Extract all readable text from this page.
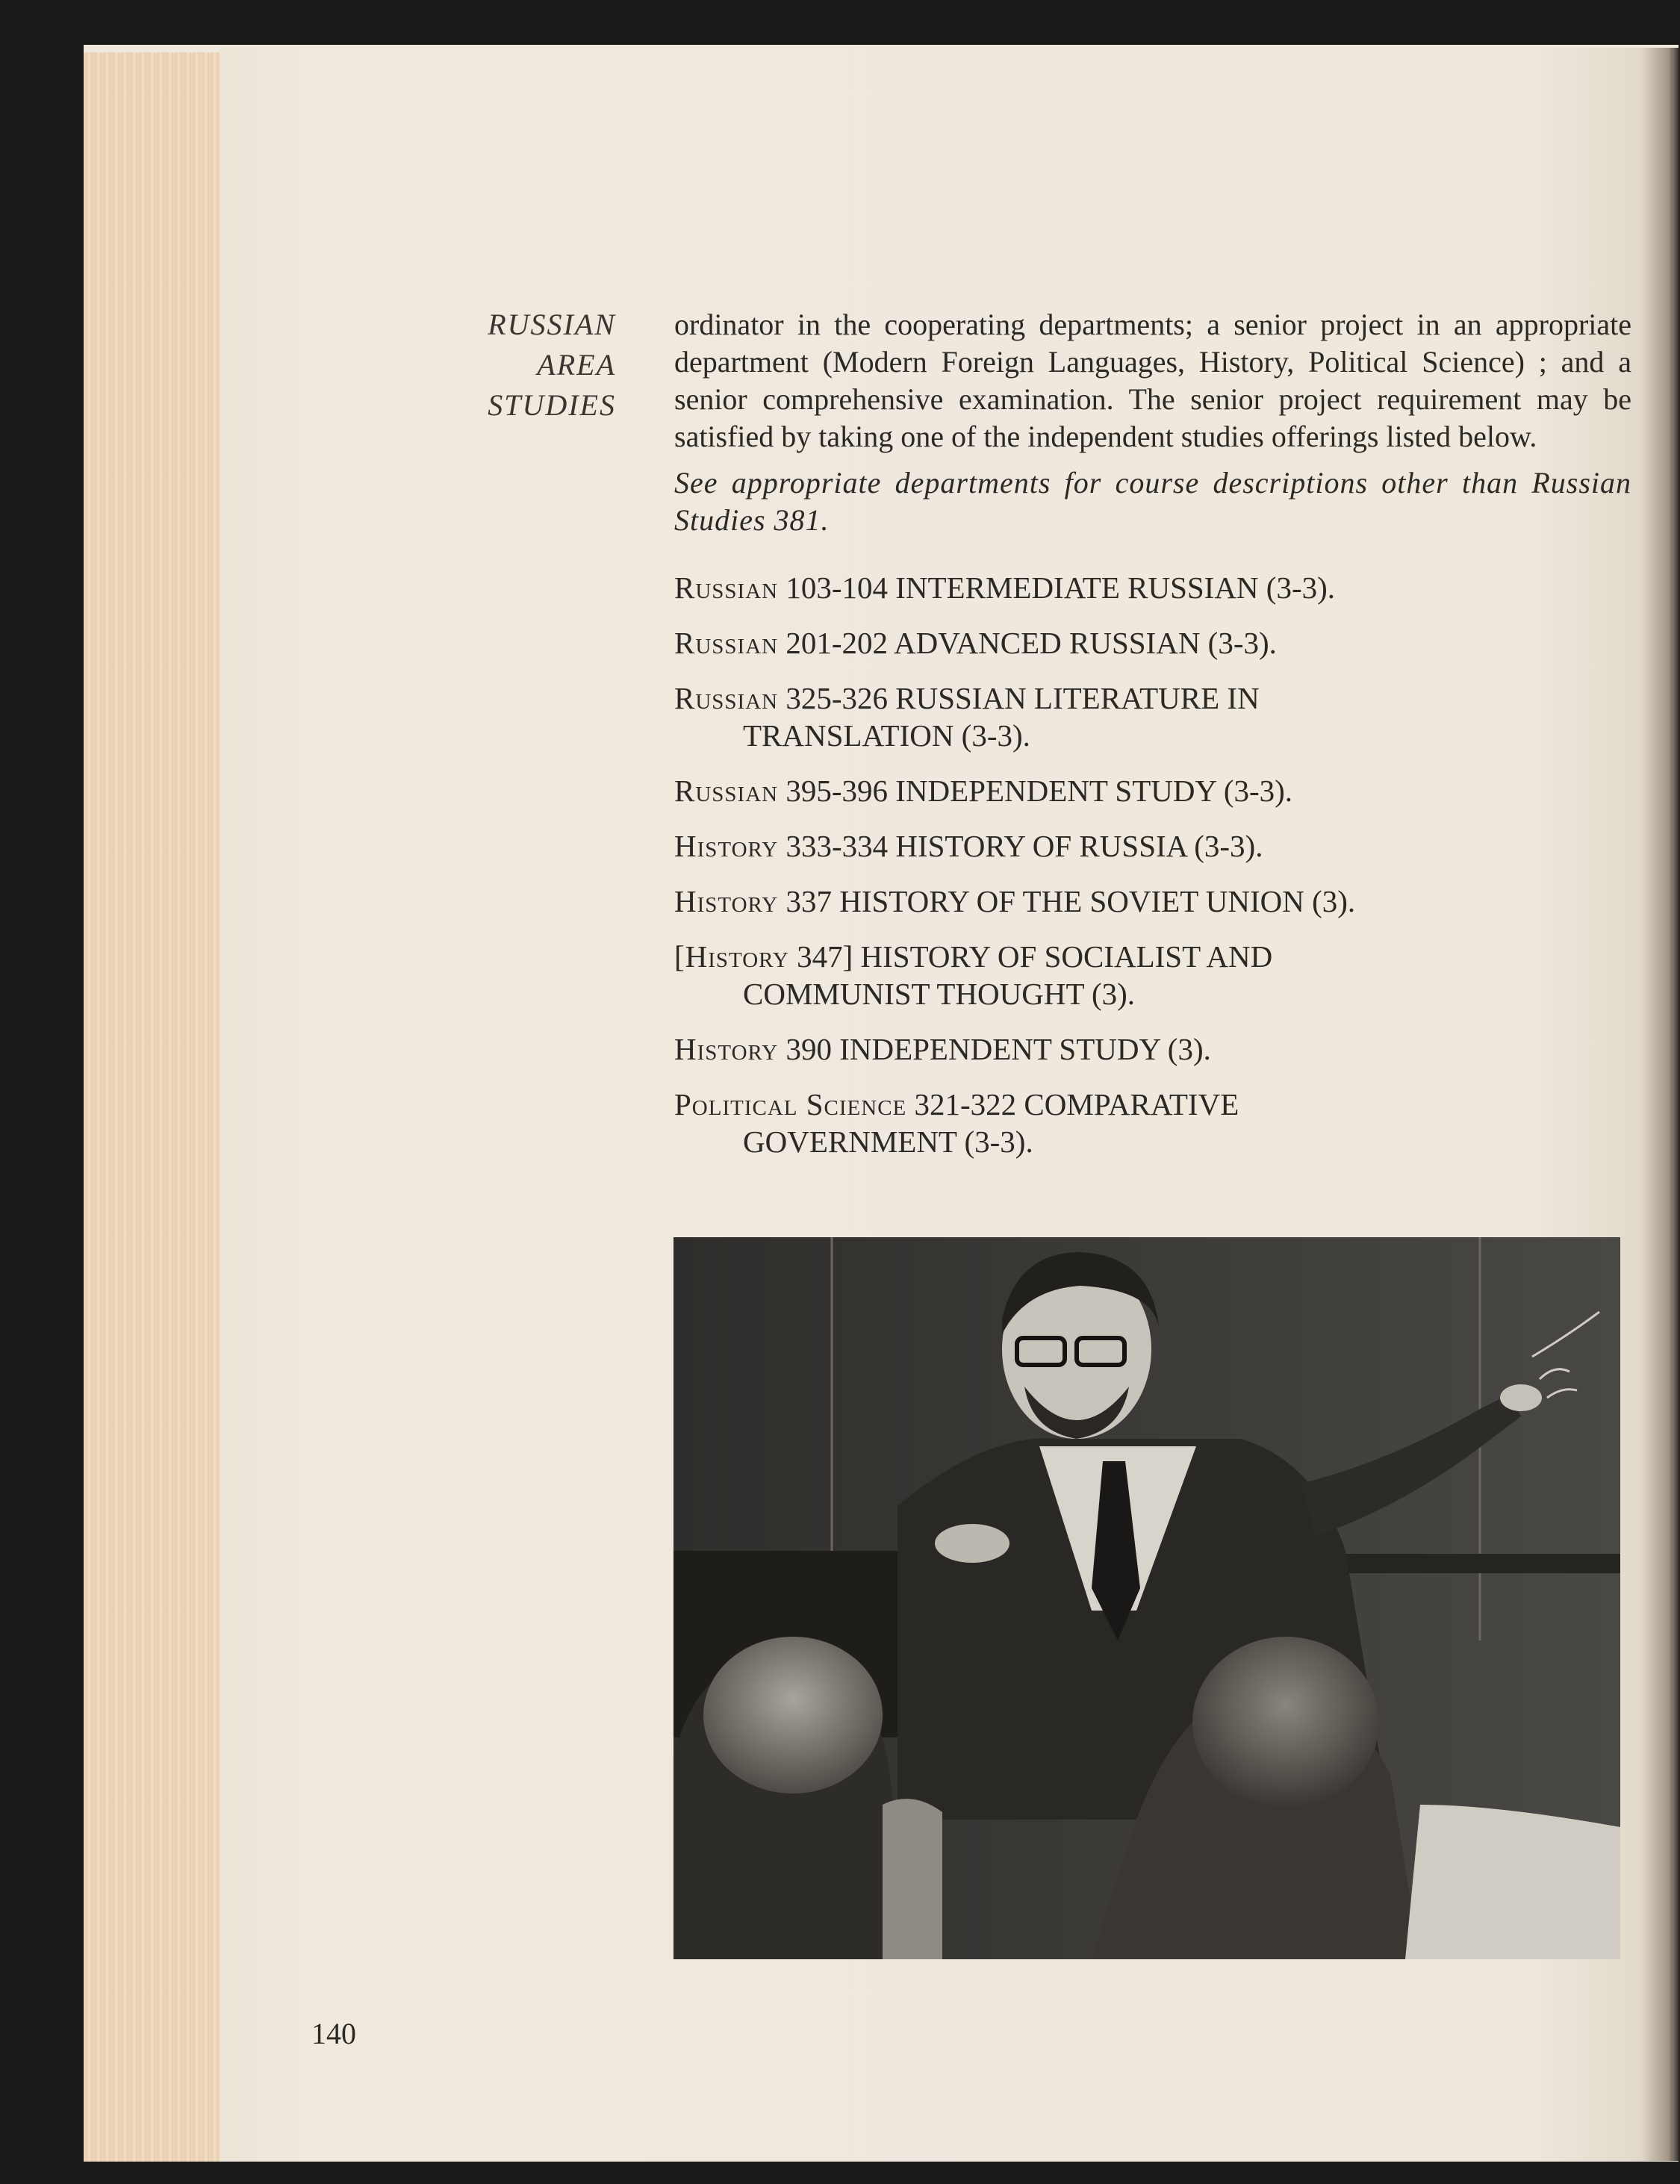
RUSSIAN
AREA
STUDIES

ordinator in the cooperating departments; a senior project in an appropriate department (Modern Foreign Languages, History, Political Science) ; and a senior comprehensive examination. The senior project requirement may be satisfied by taking one of the independent studies offerings listed below.

See appropriate departments for course descriptions other than Russian Studies 381.

Russian 103-104 INTERMEDIATE RUSSIAN (3-3).
Russian 201-202 ADVANCED RUSSIAN (3-3).
Russian 325-326 RUSSIAN LITERATURE IN
TRANSLATION (3-3).
Russian 395-396 INDEPENDENT STUDY (3-3).
History 333-334 HISTORY OF RUSSIA (3-3).
History 337 HISTORY OF THE SOVIET UNION (3).
[History 347] HISTORY OF SOCIALIST AND
COMMUNIST THOUGHT (3).
History 390 INDEPENDENT STUDY (3).
Political Science 321-322 COMPARATIVE
GOVERNMENT (3-3).
140
